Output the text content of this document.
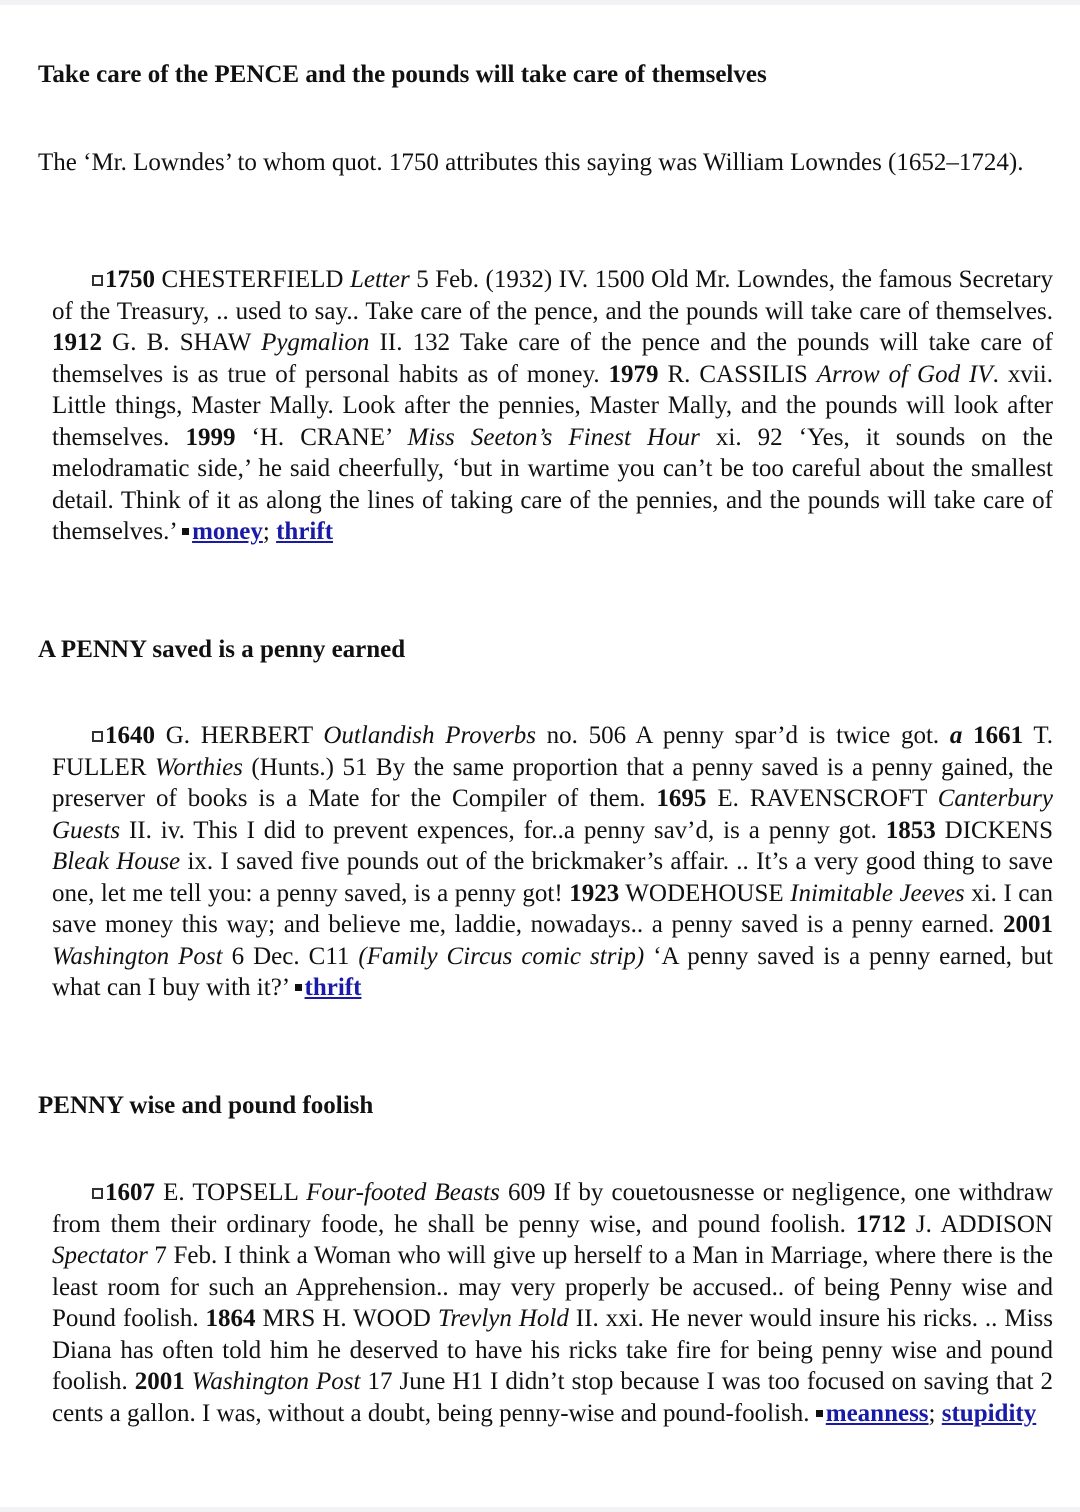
Take care of the PENCE and the pounds will take care of themselves

The ‘Mr. Lowndes’ to whom quot. 1750 attributes this saying was William Lowndes (1652–1724).

1750 CHESTERFIELD Letter 5 Feb. (1932) IV. 1500 Old Mr. Lowndes, the famous Secretary of the Treasury, .. used to say.. Take care of the pence, and the pounds will take care of themselves. 1912 G. B. SHAW Pygmalion II. 132 Take care of the pence and the pounds will take care of themselves is as true of personal habits as of money. 1979 R. CASSILIS Arrow of God IV. xvii. Little things, Master Mally. Look after the pennies, Master Mally, and the pounds will look after themselves. 1999 ‘H. CRANE’ Miss Seeton’s Finest Hour xi. 92 ‘Yes, it sounds on the melodramatic side,’ he said cheerfully, ‘but in wartime you can’t be too careful about the smallest detail. Think of it as along the lines of taking care of the pennies, and the pounds will take care of themselves.’ money; thrift

A PENNY saved is a penny earned

1640 G. HERBERT Outlandish Proverbs no. 506 A penny spar’d is twice got. a 1661 T. FULLER Worthies (Hunts.) 51 By the same proportion that a penny saved is a penny gained, the preserver of books is a Mate for the Compiler of them. 1695 E. RAVENSCROFT Canterbury Guests II. iv. This I did to prevent expences, for..a penny sav’d, is a penny got. 1853 DICKENS Bleak House ix. I saved five pounds out of the brickmaker’s affair. .. It’s a very good thing to save one, let me tell you: a penny saved, is a penny got! 1923 WODEHOUSE Inimitable Jeeves xi. I can save money this way; and believe me, laddie, nowadays.. a penny saved is a penny earned. 2001 Washington Post 6 Dec. C11 (Family Circus comic strip) ‘A penny saved is a penny earned, but what can I buy with it?’ thrift

PENNY wise and pound foolish

1607 E. TOPSELL Four-footed Beasts 609 If by couetousnesse or negligence, one withdraw from them their ordinary foode, he shall be penny wise, and pound foolish. 1712 J. ADDISON Spectator 7 Feb. I think a Woman who will give up herself to a Man in Marriage, where there is the least room for such an Apprehension.. may very properly be accused.. of being Penny wise and Pound foolish. 1864 MRS H. WOOD Trevlyn Hold II. xxi. He never would insure his ricks. .. Miss Diana has often told him he deserved to have his ricks take fire for being penny wise and pound foolish. 2001 Washington Post 17 June H1 I didn’t stop because I was too focused on saving that 2 cents a gallon. I was, without a doubt, being penny-wise and pound-foolish. meanness; stupidity
